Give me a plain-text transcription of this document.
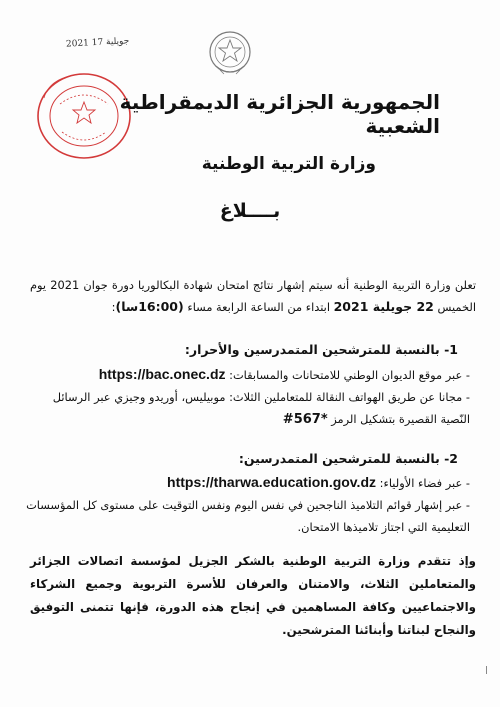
2021 جويلية 17
الجمهورية الجزائرية الديمقراطية الشعبية
وزارة التربية الوطنية
بــــلاغ
تعلن وزارة التربية الوطنية أنه سيتم إشهار نتائج امتحان شهادة البكالوريا دورة جوان 2021 يوم الخميس 22 جويلية 2021 ابتداء من الساعة الرابعة مساء (16:00سا):
1- بالنسبة للمترشحين المتمدرسين والأحرار:
- عبر موقع الديوان الوطني للامتحانات والمسابقات: https://bac.onec.dz
- مجانا عن طريق الهواتف النقالة للمتعاملين الثلاث: موبيليس، أوريدو وجيزي عبر الرسائل النّصية القصيرة بتشكيل الرمز #567*
2- بالنسبة للمترشحين المتمدرسين:
- عبر فضاء الأولياء: https://tharwa.education.gov.dz
- عبر إشهار قوائم التلاميذ الناجحين في نفس اليوم ونفس التوقيت على مستوى كل المؤسسات التعليمية التي اجتاز تلاميذها الامتحان.
وإذ تتقدم وزارة التربية الوطنية بالشكر الجزيل لمؤسسة اتصالات الجزائر والمتعاملين الثلاث، والامتنان والعرفان للأسرة التربوية وجميع الشركاء والاجتماعيين وكافة المساهمين في إنجاح هذه الدورة، فإنها تتمنى التوفيق والنجاح لبناتنا وأبنائنا المترشحين.
